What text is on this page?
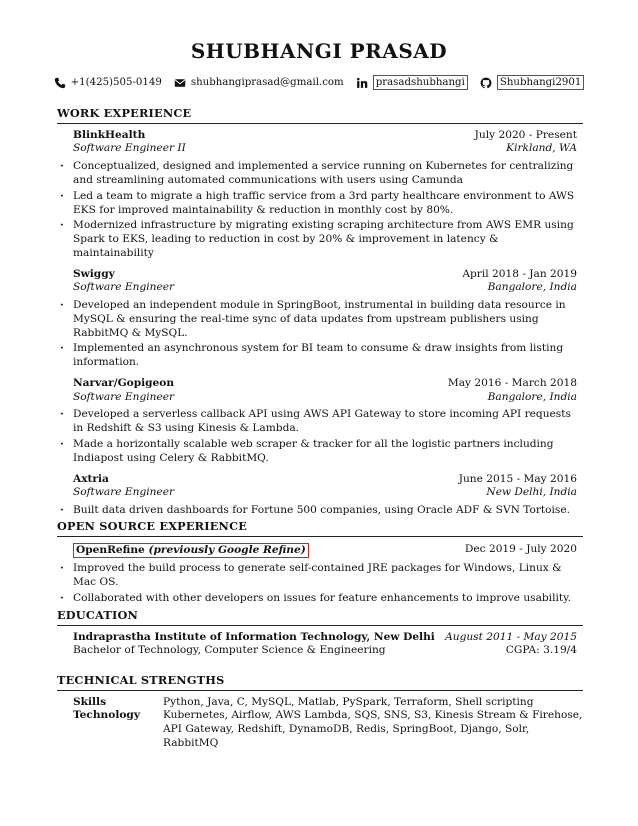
SHUBHANGI PRASAD
+1(425)505-0149	shubhangiprasad@gmail.com	prasadshubhangi	Shubhangi2901
WORK EXPERIENCE
BlinkHealth	July 2020 - Present
Software Engineer II	Kirkland, WA
· Conceptualized, designed and implemented a service running on Kubernetes for centralizing and streamlining automated communications with users using Camunda
· Led a team to migrate a high traffic service from a 3rd party healthcare environment to AWS EKS for improved maintainability & reduction in monthly cost by 80%.
· Modernized infrastructure by migrating existing scraping architecture from AWS EMR using Spark to EKS, leading to reduction in cost by 20% & improvement in latency & maintainability
Swiggy	April 2018 - Jan 2019
Software Engineer	Bangalore, India
· Developed an independent module in SpringBoot, instrumental in building data resource in MySQL & ensuring the real-time sync of data updates from upstream publishers using RabbitMQ & MySQL.
· Implemented an asynchronous system for BI team to consume & draw insights from listing information.
Narvar/Gopigeon	May 2016 - March 2018
Software Engineer	Bangalore, India
· Developed a serverless callback API using AWS API Gateway to store incoming API requests in Redshift & S3 using Kinesis & Lambda.
· Made a horizontally scalable web scraper & tracker for all the logistic partners including Indiapost using Celery & RabbitMQ.
Axtria	June 2015 - May 2016
Software Engineer	New Delhi, India
· Built data driven dashboards for Fortune 500 companies, using Oracle ADF & SVN Tortoise.
OPEN SOURCE EXPERIENCE
OpenRefine (previously Google Refine)	Dec 2019 - July 2020
· Improved the build process to generate self-contained JRE packages for Windows, Linux & Mac OS.
· Collaborated with other developers on issues for feature enhancements to improve usability.
EDUCATION
Indraprastha Institute of Information Technology, New Delhi August 2011 - May 2015
Bachelor of Technology, Computer Science & Engineering	CGPA: 3.19/4
TECHNICAL STRENGTHS
Skills	Python, Java, C, MySQL, Matlab, PySpark, Terraform, Shell scripting
Technology	Kubernetes, Airflow, AWS Lambda, SQS, SNS, S3, Kinesis Stream & Firehose, API Gateway, Redshift, DynamoDB, Redis, SpringBoot, Django, Solr, RabbitMQ
